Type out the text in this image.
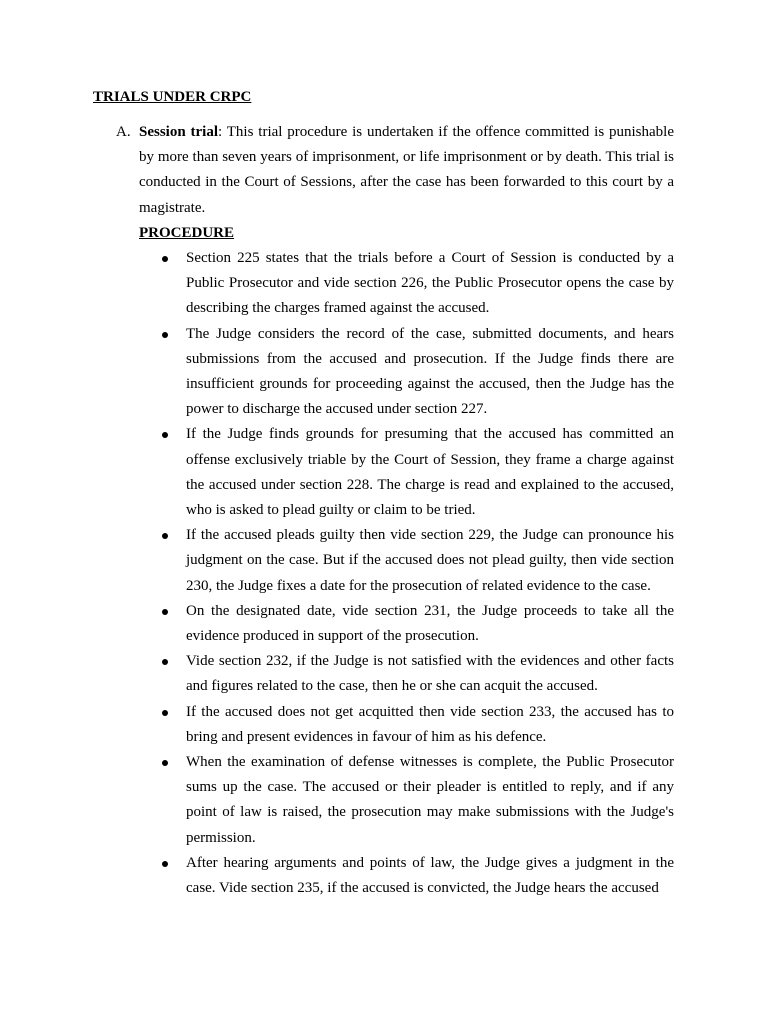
TRIALS UNDER CRPC
A. Session trial: This trial procedure is undertaken if the offence committed is punishable by more than seven years of imprisonment, or life imprisonment or by death. This trial is conducted in the Court of Sessions, after the case has been forwarded to this court by a magistrate.
PROCEDURE
Section 225 states that the trials before a Court of Session is conducted by a Public Prosecutor and vide section 226, the Public Prosecutor opens the case by describing the charges framed against the accused.
The Judge considers the record of the case, submitted documents, and hears submissions from the accused and prosecution. If the Judge finds there are insufficient grounds for proceeding against the accused, then the Judge has the power to discharge the accused under section 227.
If the Judge finds grounds for presuming that the accused has committed an offense exclusively triable by the Court of Session, they frame a charge against the accused under section 228. The charge is read and explained to the accused, who is asked to plead guilty or claim to be tried.
If the accused pleads guilty then vide section 229, the Judge can pronounce his judgment on the case. But if the accused does not plead guilty, then vide section 230, the Judge fixes a date for the prosecution of related evidence to the case.
On the designated date, vide section 231, the Judge proceeds to take all the evidence produced in support of the prosecution.
Vide section 232, if the Judge is not satisfied with the evidences and other facts and figures related to the case, then he or she can acquit the accused.
If the accused does not get acquitted then vide section 233, the accused has to bring and present evidences in favour of him as his defence.
When the examination of defense witnesses is complete, the Public Prosecutor sums up the case. The accused or their pleader is entitled to reply, and if any point of law is raised, the prosecution may make submissions with the Judge's permission.
After hearing arguments and points of law, the Judge gives a judgment in the case. Vide section 235, if the accused is convicted, the Judge hears the accused
